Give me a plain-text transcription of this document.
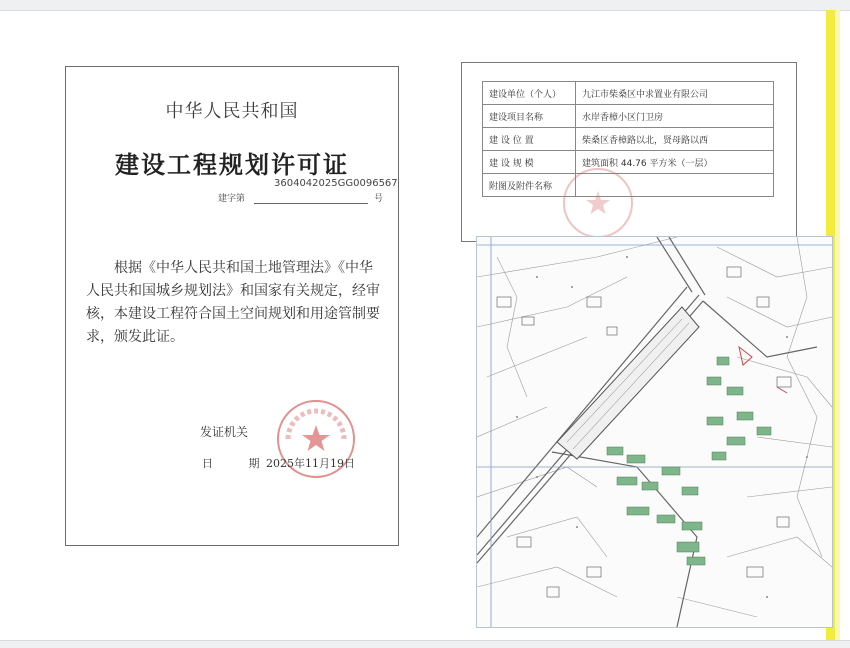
中华人民共和国
建设工程规划许可证
3604042025GG0096567
建字第	号
根据《中华人民共和国土地管理法》《中华人民共和国城乡规划法》和国家有关规定，经审核，本建设工程符合国土空间规划和用途管制要求，颁发此证。
发证机关
日 期
2025年11月19日
建设单位（个人）	九江市柴桑区中求置业有限公司
建设项目名称	水岸香樟小区门卫房
建 设 位 置	柴桑区香樟路以北，贤母路以西
建 设 规 模	建筑面积 44.76 平方米（一层）
附图及附件名称	
